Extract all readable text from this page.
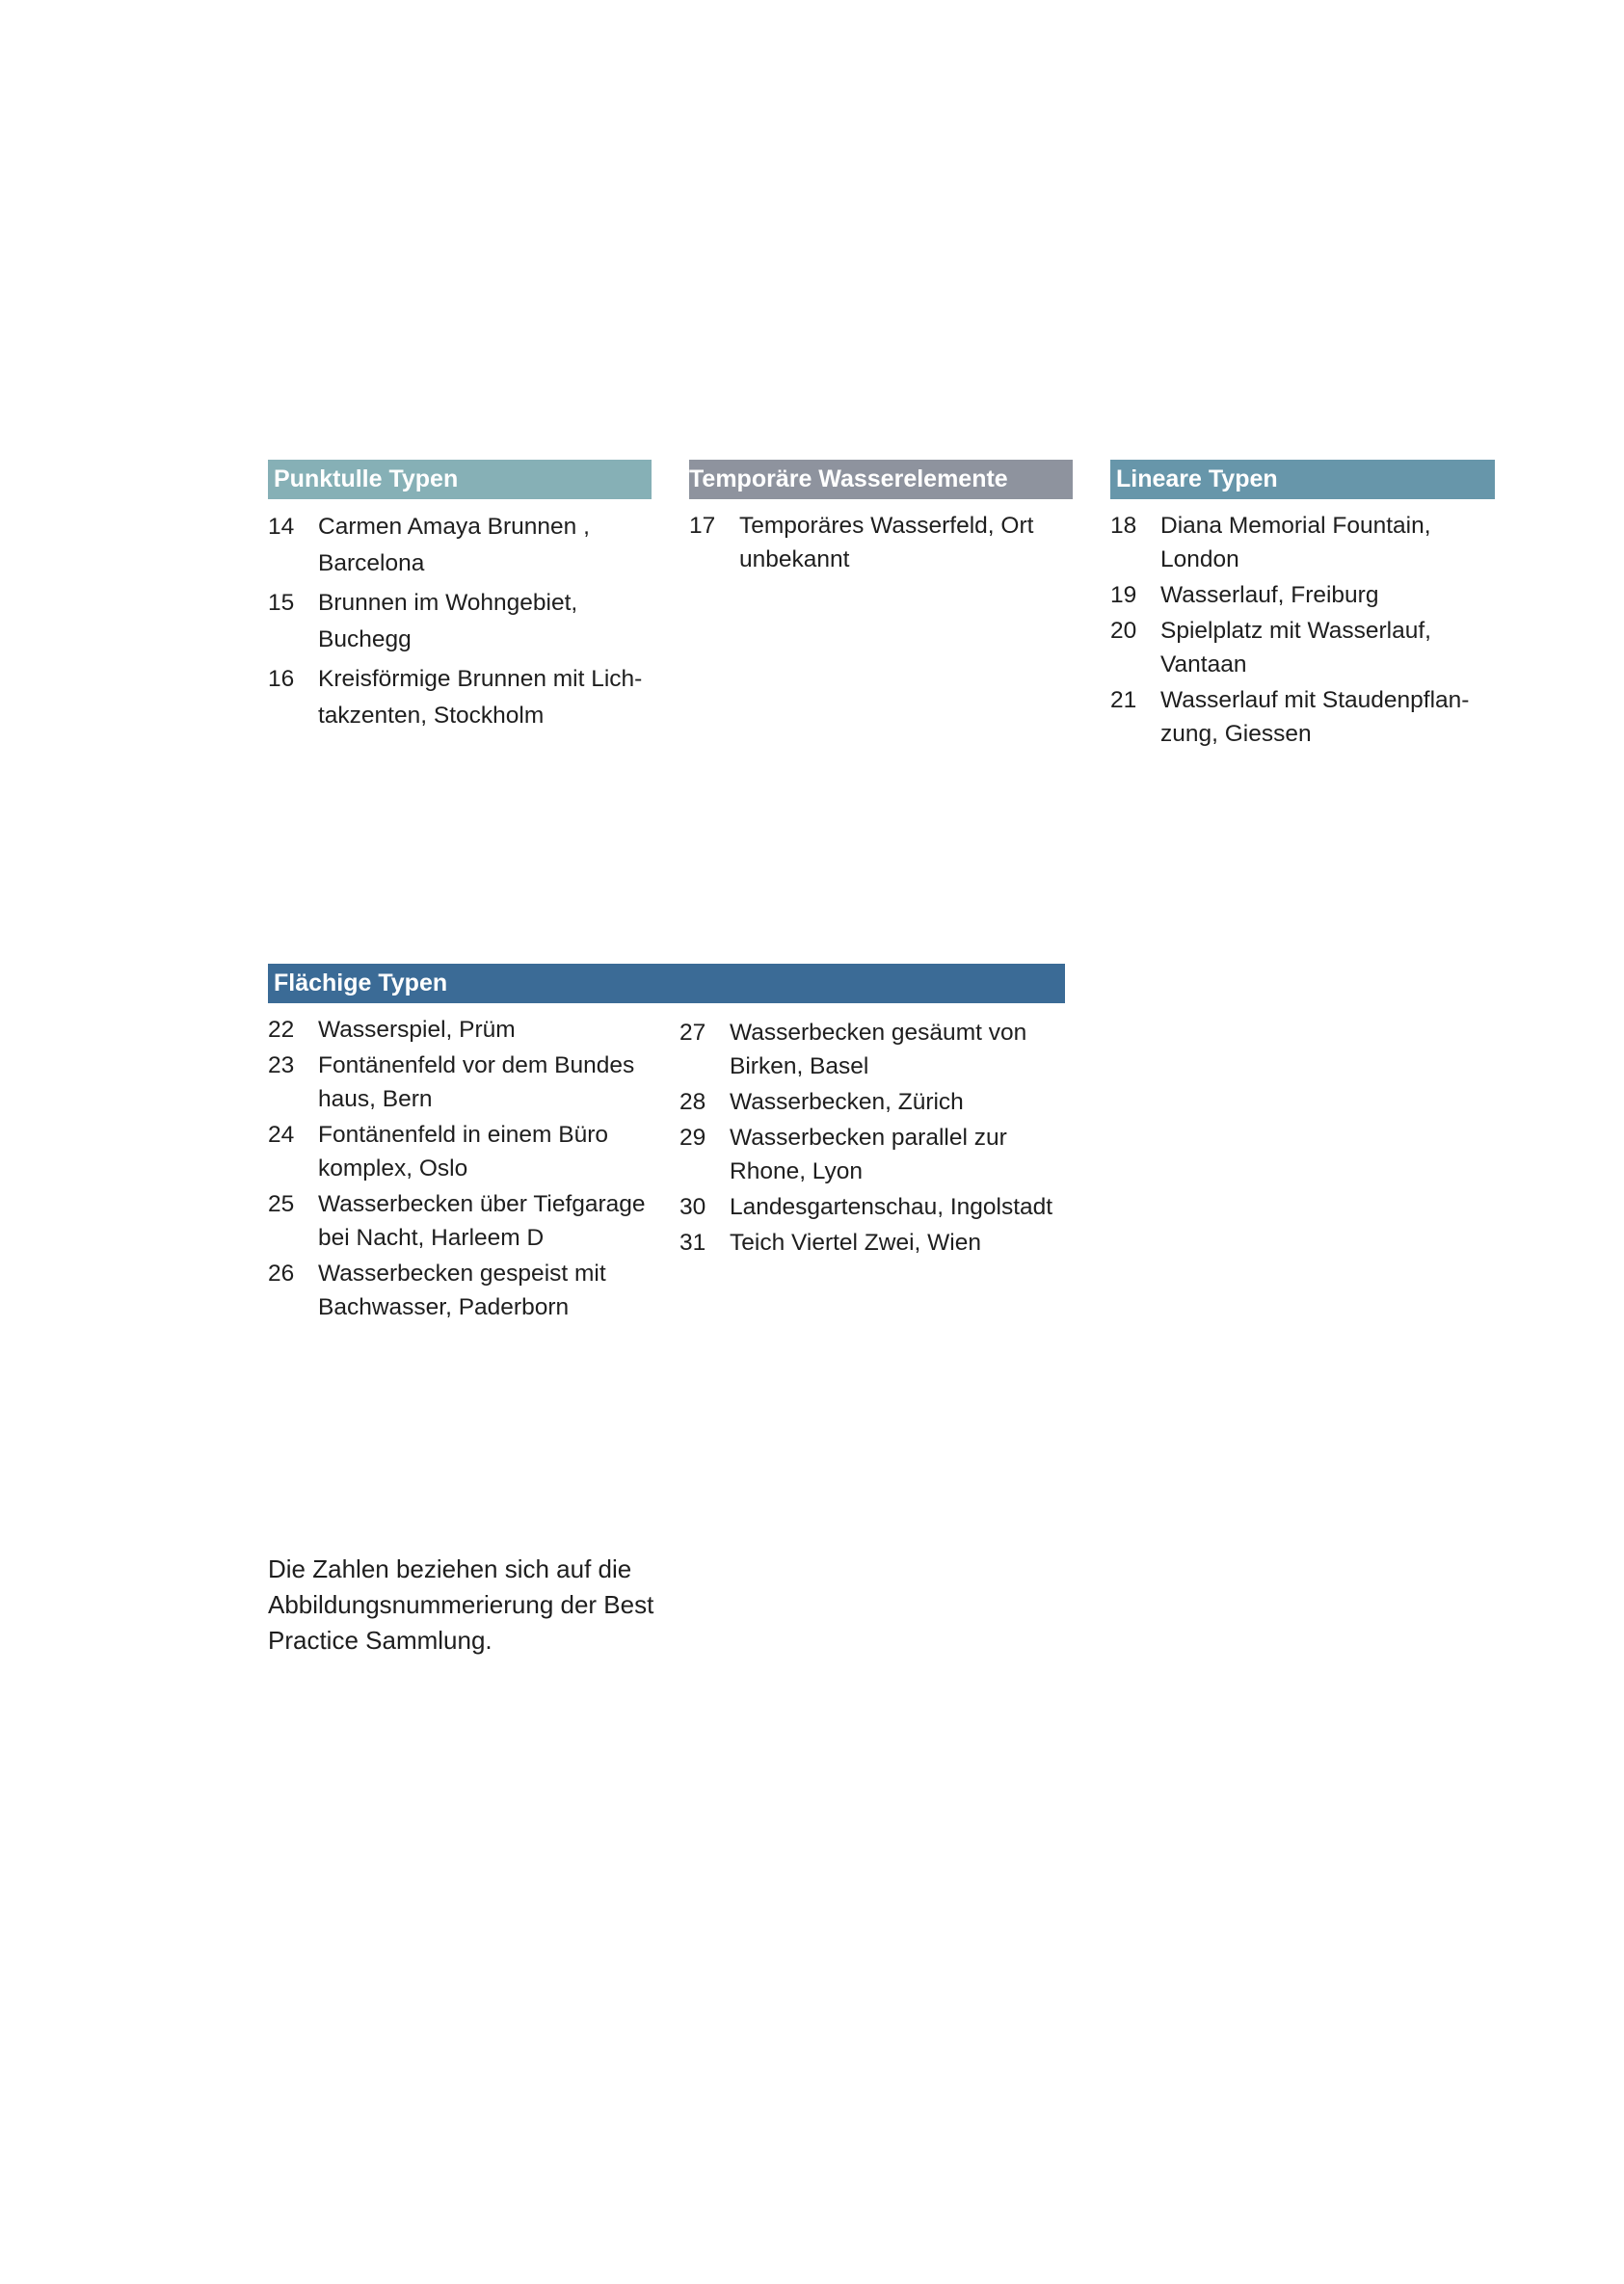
Punktulle Typen
14 Carmen Amaya Brunnen , Barcelona
15 Brunnen im Wohngebiet, Buchegg
16 Kreisförmige Brunnen mit Lich- takzenten, Stockholm
Temporäre Wasserelemente
17 Temporäres Wasserfeld, Ort unbekannt
Lineare Typen
18 Diana Memorial Fountain, London
19 Wasserlauf, Freiburg
20 Spielplatz mit Wasserlauf, Vantaan
21 Wasserlauf mit Staudenpflan- zung, Giessen
Flächige Typen
22 Wasserspiel, Prüm
23 Fontänenfeld vor dem Bundes haus, Bern
24 Fontänenfeld in einem Büro komplex, Oslo
25 Wasserbecken über Tiefgarage bei Nacht, Harleem D
26 Wasserbecken gespeist mit Bachwasser, Paderborn
27 Wasserbecken gesäumt von Birken, Basel
28 Wasserbecken, Zürich
29 Wasserbecken parallel zur Rhone, Lyon
30 Landesgartenschau, Ingolstadt
31 Teich Viertel Zwei, Wien
Die Zahlen beziehen sich auf die Abbildungsnummerierung der Best Practice Sammlung.
